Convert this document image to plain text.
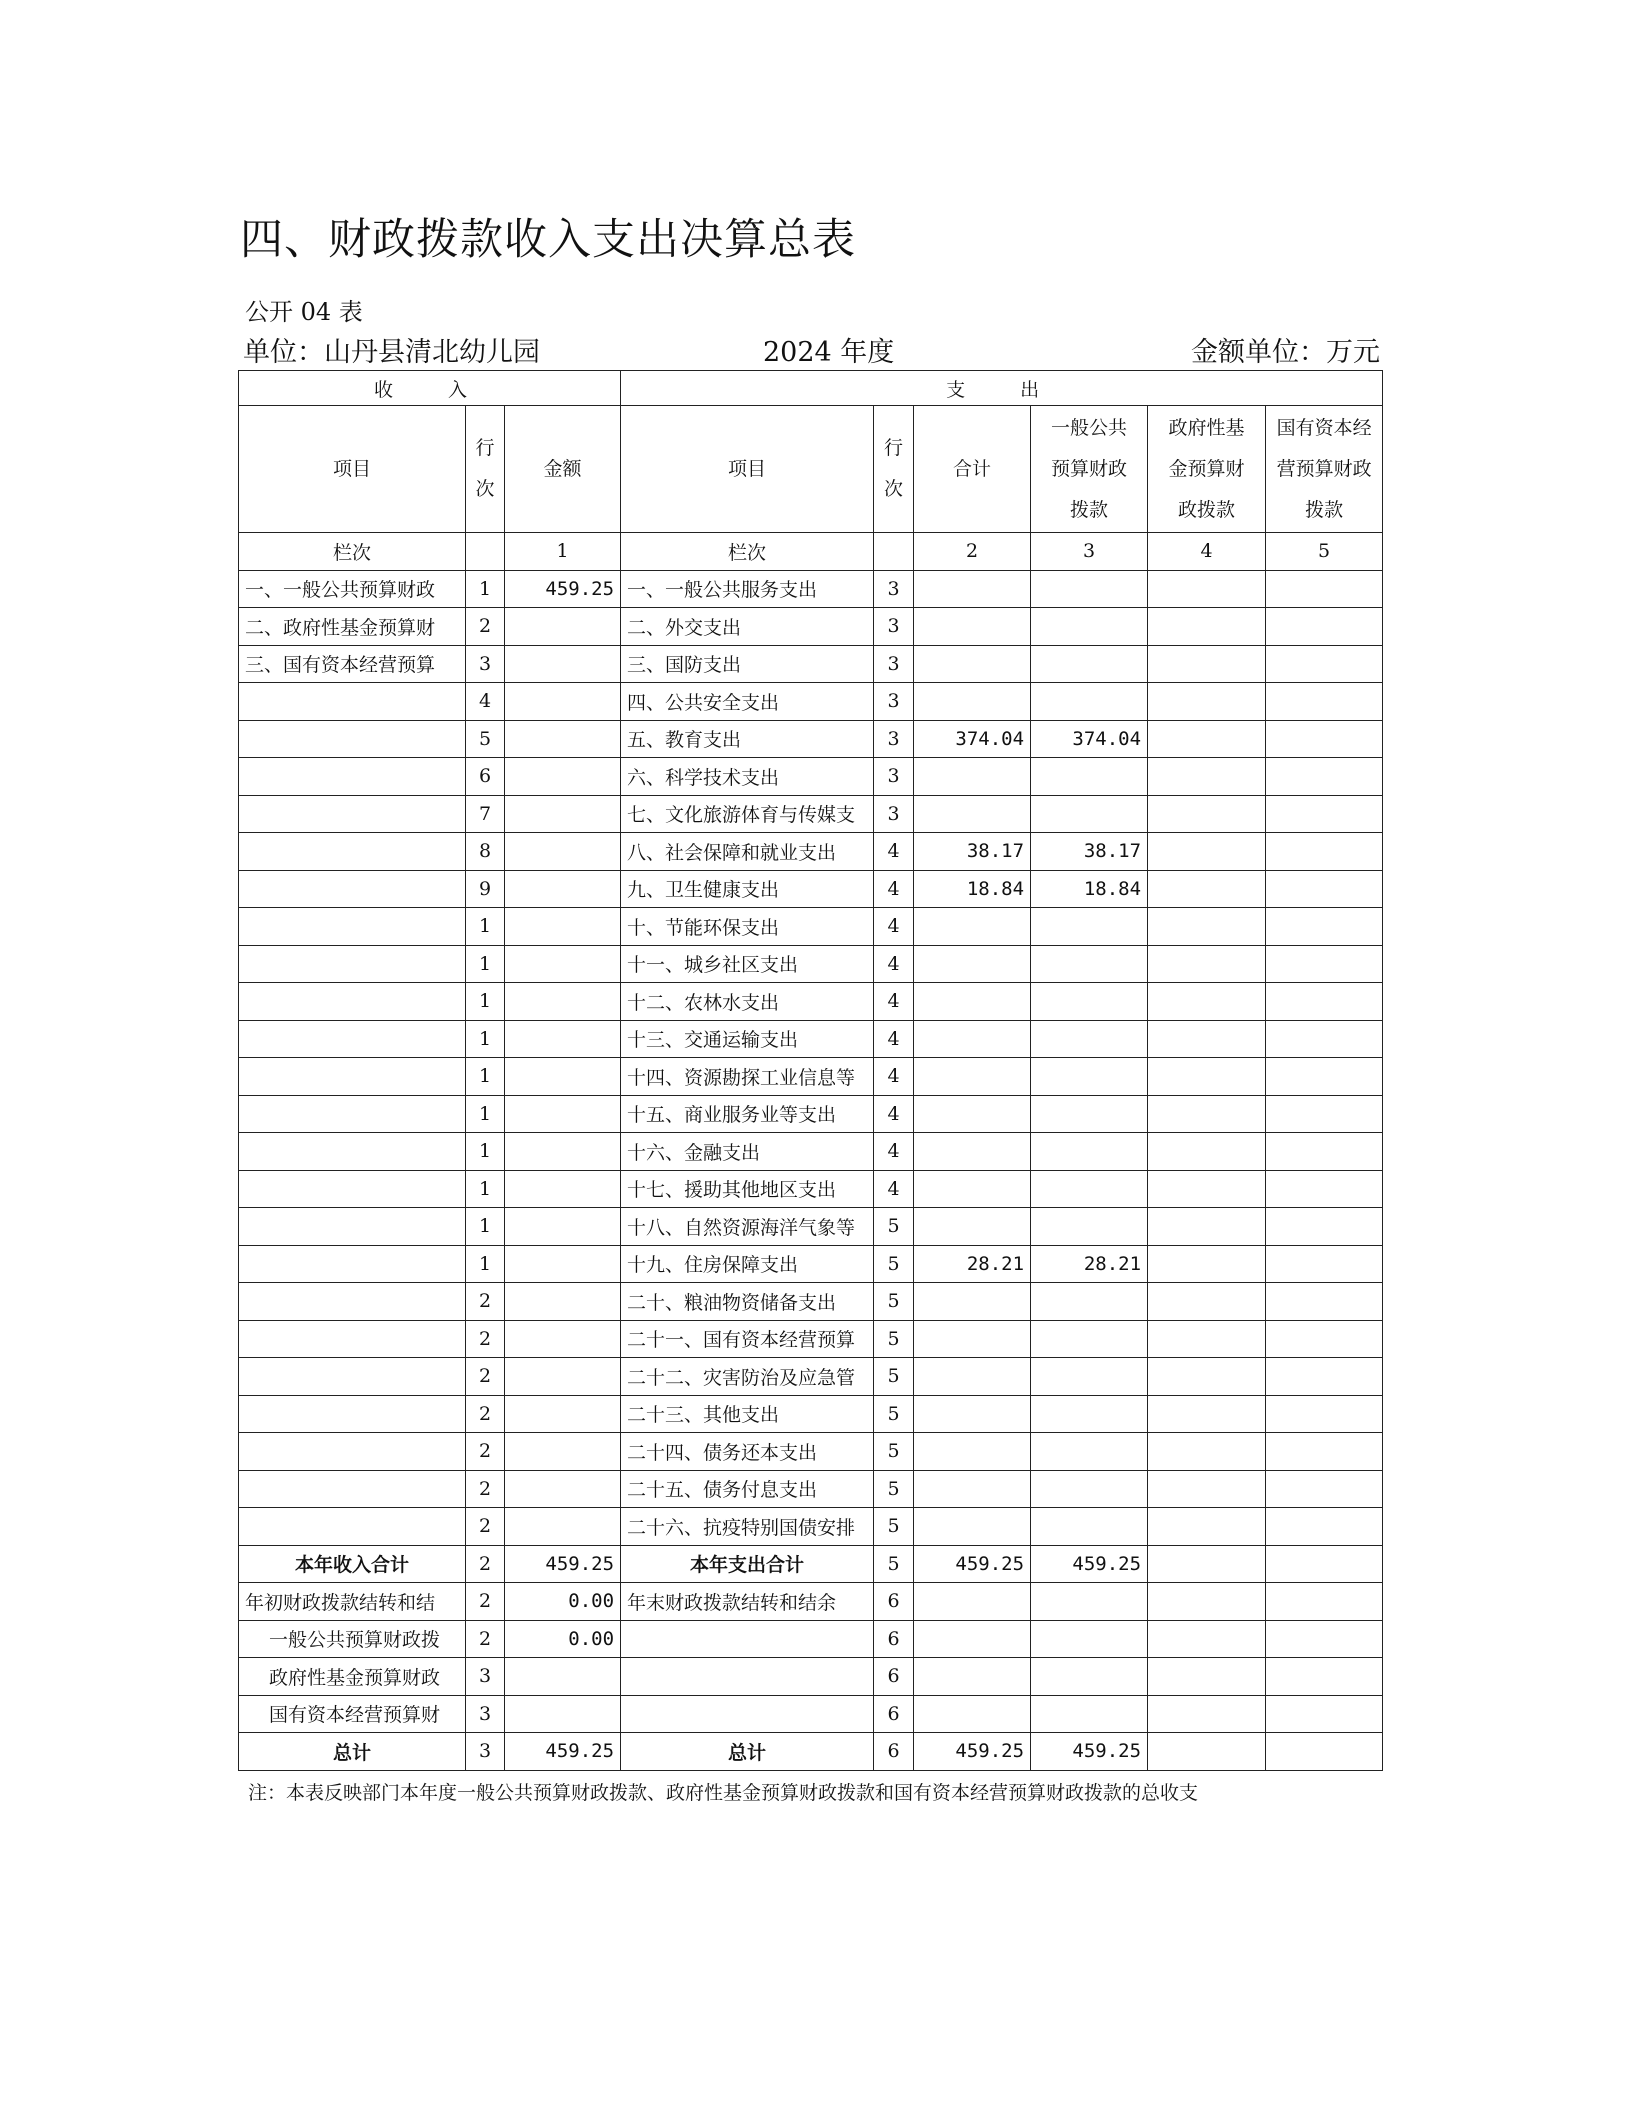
四、财政拨款收入支出决算总表
公开 04 表
单位：山丹县清北幼儿园	2024 年度	金额单位：万元
收　入			支　出					
项目	行次	金额	项目	行次	合计	一般公共预算财政拨款	政府性基金预算财政拨款	国有资本经营预算财政拨款
栏次		1	栏次		2	3	4	5
一、一般公共预算财政	1	459.25	一、一般公共服务支出	3				
二、政府性基金预算财	2		二、外交支出	3				
三、国有资本经营预算	3		三、国防支出	3				
	4		四、公共安全支出	3				
	5		五、教育支出	3	374.04	374.04		
	6		六、科学技术支出	3				
	7		七、文化旅游体育与传媒支	3				
	8		八、社会保障和就业支出	4	38.17	38.17		
	9		九、卫生健康支出	4	18.84	18.84		
	1		十、节能环保支出	4				
	1		十一、城乡社区支出	4				
	1		十二、农林水支出	4				
	1		十三、交通运输支出	4				
	1		十四、资源勘探工业信息等	4				
	1		十五、商业服务业等支出	4				
	1		十六、金融支出	4				
	1		十七、援助其他地区支出	4				
	1		十八、自然资源海洋气象等	5				
	1		十九、住房保障支出	5	28.21	28.21		
	2		二十、粮油物资储备支出	5				
	2		二十一、国有资本经营预算	5				
	2		二十二、灾害防治及应急管	5				
	2		二十三、其他支出	5				
	2		二十四、债务还本支出	5				
	2		二十五、债务付息支出	5				
	2		二十六、抗疫特别国债安排	5				
本年收入合计	2	459.25	本年支出合计	5	459.25	459.25		
年初财政拨款结转和结	2	0.00	年末财政拨款结转和结余	6				
一般公共预算财政拨	2	0.00		6				
政府性基金预算财政	3			6				
国有资本经营预算财	3			6				
总计	3	459.25	总计	6	459.25	459.25		
注：本表反映部门本年度一般公共预算财政拨款、政府性基金预算财政拨款和国有资本经营预算财政拨款的总收支
